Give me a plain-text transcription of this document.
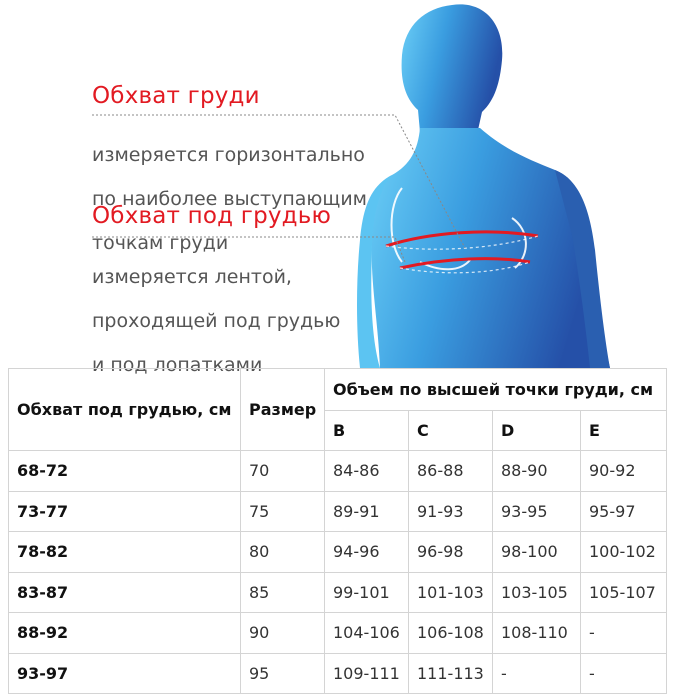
Обхват груди

измеряется горизонтально

по наиболее выступающим

точкам груди

Обхват под грудью

измеряется лентой,

проходящей под грудью

и под лопатками

Обхват под грудью, см	Размер	Объем по высшей точки груди, см			
		B	C	D	E
68-72	70	84-86	86-88	88-90	90-92
73-77	75	89-91	91-93	93-95	95-97
78-82	80	94-96	96-98	98-100	100-102
83-87	85	99-101	101-103	103-105	105-107
88-92	90	104-106	106-108	108-110	-
93-97	95	109-111	111-113	-	-
